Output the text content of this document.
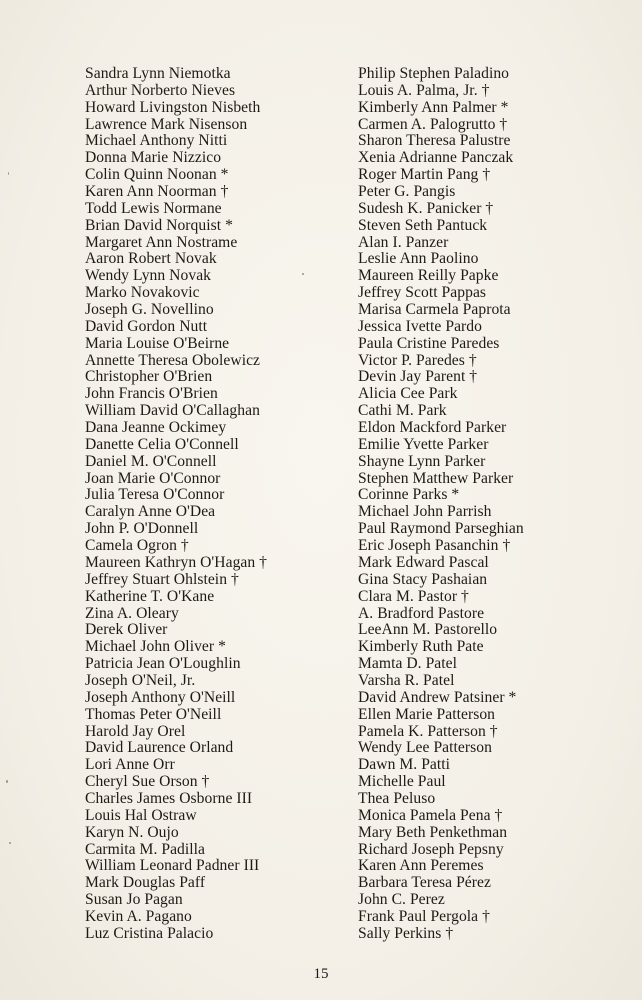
Sandra Lynn Niemotka
Arthur Norberto Nieves
Howard Livingston Nisbeth
Lawrence Mark Nisenson
Michael Anthony Nitti
Donna Marie Nizzico
Colin Quinn Noonan *
Karen Ann Noorman †
Todd Lewis Normane
Brian David Norquist *
Margaret Ann Nostrame
Aaron Robert Novak
Wendy Lynn Novak
Marko Novakovic
Joseph G. Novellino
David Gordon Nutt
Maria Louise O'Beirne
Annette Theresa Obolewicz
Christopher O'Brien
John Francis O'Brien
William David O'Callaghan
Dana Jeanne Ockimey
Danette Celia O'Connell
Daniel M. O'Connell
Joan Marie O'Connor
Julia Teresa O'Connor
Caralyn Anne O'Dea
John P. O'Donnell
Camela Ogron †
Maureen Kathryn O'Hagan †
Jeffrey Stuart Ohlstein †
Katherine T. O'Kane
Zina A. Oleary
Derek Oliver
Michael John Oliver *
Patricia Jean O'Loughlin
Joseph O'Neil, Jr.
Joseph Anthony O'Neill
Thomas Peter O'Neill
Harold Jay Orel
David Laurence Orland
Lori Anne Orr
Cheryl Sue Orson †
Charles James Osborne III
Louis Hal Ostraw
Karyn N. Oujo
Carmita M. Padilla
William Leonard Padner III
Mark Douglas Paff
Susan Jo Pagan
Kevin A. Pagano
Luz Cristina Palacio
Philip Stephen Paladino
Louis A. Palma, Jr. †
Kimberly Ann Palmer *
Carmen A. Palogrutto †
Sharon Theresa Palustre
Xenia Adrianne Panczak
Roger Martin Pang †
Peter G. Pangis
Sudesh K. Panicker †
Steven Seth Pantuck
Alan I. Panzer
Leslie Ann Paolino
Maureen Reilly Papke
Jeffrey Scott Pappas
Marisa Carmela Paprota
Jessica Ivette Pardo
Paula Cristine Paredes
Victor P. Paredes †
Devin Jay Parent †
Alicia Cee Park
Cathi M. Park
Eldon Mackford Parker
Emilie Yvette Parker
Shayne Lynn Parker
Stephen Matthew Parker
Corinne Parks *
Michael John Parrish
Paul Raymond Parseghian
Eric Joseph Pasanchin †
Mark Edward Pascal
Gina Stacy Pashaian
Clara M. Pastor †
A. Bradford Pastore
LeeAnn M. Pastorello
Kimberly Ruth Pate
Mamta D. Patel
Varsha R. Patel
David Andrew Patsiner *
Ellen Marie Patterson
Pamela K. Patterson †
Wendy Lee Patterson
Dawn M. Patti
Michelle Paul
Thea Peluso
Monica Pamela Pena †
Mary Beth Penkethman
Richard Joseph Pepsny
Karen Ann Peremes
Barbara Teresa Pérez
John C. Perez
Frank Paul Pergola †
Sally Perkins †
15
